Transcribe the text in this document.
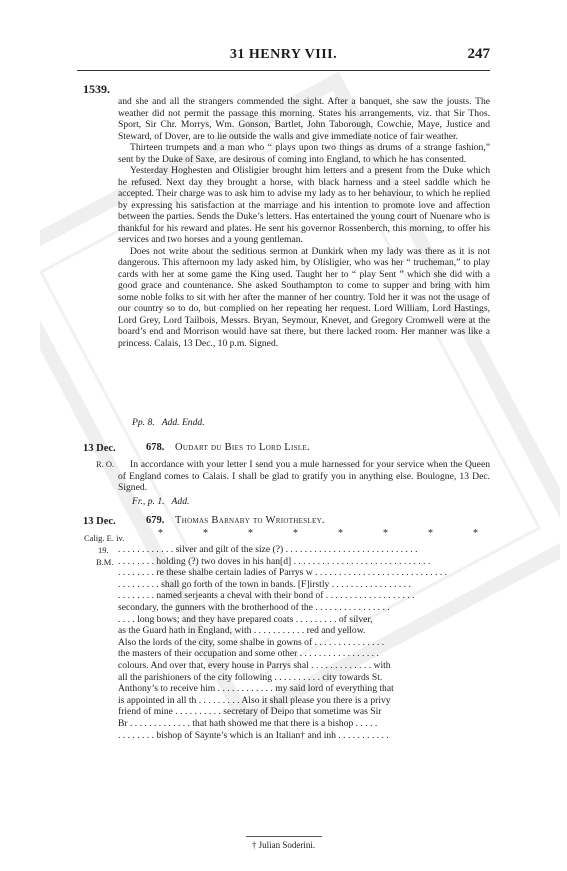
31 HENRY VIII.	247
1539.

and she and all the strangers commended the sight. After a banquet, she saw the jousts. The weather did not permit the passage this morning. States his arrangements, viz. that Sir Thos. Sport, Sir Chr. Morrys, Wm. Gonson, Bartlet, John Taborough, Cowchie, Maye, Justice and Steward, of Dover, are to lie outside the walls and give immediate notice of fair weather.

Thirteen trumpets and a man who “ plays upon two things as drums of a strange fashion,” sent by the Duke of Saxe, are desirous of coming into England, to which he has consented.

Yesterday Hoghesten and Olisligier brought him letters and a present from the Duke which he refused. Next day they brought a horse, with black harness and a steel saddle which he accepted. Their charge was to ask him to advise my lady as to her behaviour, to which he replied by expressing his satisfaction at the marriage and his intention to promote love and affection between the parties. Sends the Duke’s letters. Has entertained the young court of Nuenare who is thankful for his reward and plates. He sent his governor Rossenberch, this morning, to offer his services and two horses and a young gentleman.

Does not write about the seditious sermon at Dunkirk when my lady was there as it is not dangerous. This afternoon my lady asked him, by Olisligier, who was her “ trucheman,” to play cards with her at some game the King used. Taught her to “ play Sent ” which she did with a good grace and countenance. She asked Southampton to come to supper and bring with him some noble folks to sit with her after the manner of her country. Told her it was not the usage of our country so to do, but complied on her repeating her request. Lord William, Lord Hastings, Lord Grey, Lord Tailbois, Messrs. Bryan, Seymour, Knevet, and Gregory Cromwell were at the board’s end and Morrison would have sat there, but there lacked room. Her manner was like a princess. Calais, 13 Dec., 10 p.m. Signed.

Pp. 8. Add. Endd.
13 Dec.
R. O.
678. Oudart du Bies to Lord Lisle.

In accordance with your letter I send you a mule harnessed for your service when the Queen of England comes to Calais. I shall be glad to gratify you in anything else. Boulogne, 13 Dec. Signed.

Fr., p. 1. Add.
13 Dec.
Calig. E. iv.
19.
B.M.
679. Thomas Barnaby to Wriothesley.
*	*	*	*	*	*	*	*
. . . . . . . . . . . . silver and gilt of the size (?) . . . . . . . . . . . . . . . . . . . . . . . . . . . .
. . . . . . . . holding (?) two doves in his han[d] . . . . . . . . . . . . . . . . . . . . . . . . . . . . .
. . . . . . . . re these shalbe certain ladies of Parrys w . . . . . . . . . . . . . . . . . . . . . . . . . . . .
. . . . . . . . . shall go forth of the town in bands. [F]irstly . . . . . . . . . . . . . . . . .
. . . . . . . . named serjeants a cheval with their bond of . . . . . . . . . . . . . . . . . . .
secondary, the gunners with the brotherhood of the . . . . . . . . . . . . . . . .
. . . . long bows; and they have prepared coats . . . . . . . . . of silver,
as the Guard hath in England, with . . . . . . . . . . . red and yellow.
Also the lords of the city, some shalbe in gowns of . . . . . . . . . . . . . . .
the masters of their occupation and some other . . . . . . . . . . . . . . . . .
colours. And over that, every house in Parrys shal . . . . . . . . . . . . . with
all the parishioners of the city following . . . . . . . . . . city towards St.
Anthony’s to receive him . . . . . . . . . . . . my said lord of everything that
is appointed in all th . . . . . . . . . Also it shall please you there is a privy
friend of mine . . . . . . . . . . secretary of Deipo that sometime was Sir
Br . . . . . . . . . . . . . that hath showed me that there is a bishop . . . . .
. . . . . . . . bishop of Saynte’s which is an Italian† and inh . . . . . . . . . . .
† Julian Soderini.
